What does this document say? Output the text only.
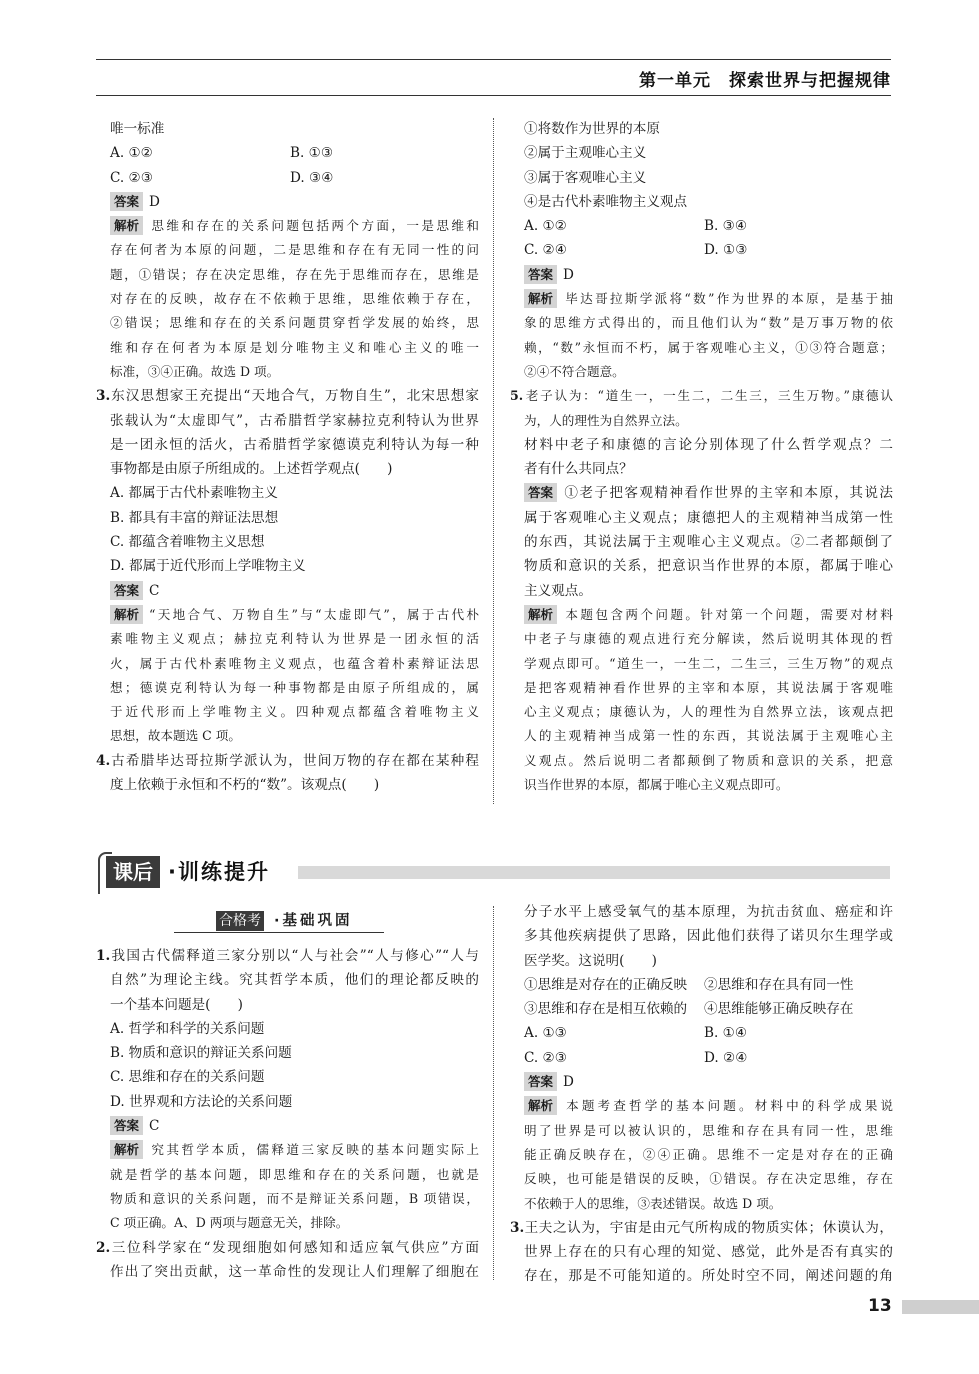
第一单元　探索世界与把握规律
唯一标准
A. ①②	B. ①③
C. ②③	D. ③④
答案 D
解析 思维和存在的关系问题包括两个方面，一是思维和
存在何者为本原的问题，二是思维和存在有无同一性的问
题，①错误；存在决定思维，存在先于思维而存在，思维是
对存在的反映，故存在不依赖于思维，思维依赖于存在，
②错误；思维和存在的关系问题贯穿哲学发展的始终，思
维和存在何者为本原是划分唯物主义和唯心主义的唯一
标准，③④正确。故选 D 项。
3.东汉思想家王充提出“天地合气，万物自生”，北宋思想家
张载认为“太虚即气”，古希腊哲学家赫拉克利特认为世界
是一团永恒的活火，古希腊哲学家德谟克利特认为每一种
事物都是由原子所组成的。上述哲学观点(　　)
A. 都属于古代朴素唯物主义
B. 都具有丰富的辩证法思想
C. 都蕴含着唯物主义思想
D. 都属于近代形而上学唯物主义
答案 C
解析 “天地合气、万物自生”与“太虚即气”，属于古代朴
素唯物主义观点；赫拉克利特认为世界是一团永恒的活
火，属于古代朴素唯物主义观点，也蕴含着朴素辩证法思
想；德谟克利特认为每一种事物都是由原子所组成的，属
于近代形而上学唯物主义。四种观点都蕴含着唯物主义
思想，故本题选 C 项。
4.古希腊毕达哥拉斯学派认为，世间万物的存在都在某种程
度上依赖于永恒和不朽的“数”。该观点(　　)
①将数作为世界的本原
②属于主观唯心主义
③属于客观唯心主义
④是古代朴素唯物主义观点
A. ①②	B. ③④
C. ②④	D. ①③
答案 D
解析 毕达哥拉斯学派将“数”作为世界的本原，是基于抽
象的思维方式得出的，而且他们认为“数”是万事万物的依
赖，“数”永恒而不朽，属于客观唯心主义，①③符合题意；
②④不符合题意。
5.老子认为：“道生一，一生二，二生三，三生万物。”康德认
为，人的理性为自然界立法。
材料中老子和康德的言论分别体现了什么哲学观点？二
者有什么共同点？
答案 ①老子把客观精神看作世界的主宰和本原，其说法
属于客观唯心主义观点；康德把人的主观精神当成第一性
的东西，其说法属于主观唯心主义观点。②二者都颠倒了
物质和意识的关系，把意识当作世界的本原，都属于唯心
主义观点。
解析 本题包含两个问题。针对第一个问题，需要对材料
中老子与康德的观点进行充分解读，然后说明其体现的哲
学观点即可。“道生一，一生二，二生三，三生万物”的观点
是把客观精神看作世界的主宰和本原，其说法属于客观唯
心主义观点；康德认为，人的理性为自然界立法，该观点把
人的主观精神当成第一性的东西，其说法属于主观唯心主
义观点。然后说明二者都颠倒了物质和意识的关系，把意
识当作世界的本原，都属于唯心主义观点即可。
课后 ·训练提升
合格考 ·基础巩固
1.我国古代儒释道三家分别以“人与社会”“人与修心”“人与
自然”为理论主线。究其哲学本质，他们的理论都反映的
一个基本问题是(　　)
A. 哲学和科学的关系问题
B. 物质和意识的辩证关系问题
C. 思维和存在的关系问题
D. 世界观和方法论的关系问题
答案 C
解析 究其哲学本质，儒释道三家反映的基本问题实际上
就是哲学的基本问题，即思维和存在的关系问题，也就是
物质和意识的关系问题，而不是辩证关系问题，B 项错误，
C 项正确。A、D 两项与题意无关，排除。
2.三位科学家在“发现细胞如何感知和适应氧气供应”方面
作出了突出贡献，这一革命性的发现让人们理解了细胞在
分子水平上感受氧气的基本原理，为抗击贫血、癌症和许
多其他疾病提供了思路，因此他们获得了诺贝尔生理学或
医学奖。这说明(　　)
①思维是对存在的正确反映	②思维和存在具有同一性
③思维和存在是相互依赖的	④思维能够正确反映存在
A. ①③	B. ①④
C. ②③	D. ②④
答案 D
解析 本题考查哲学的基本问题。材料中的科学成果说
明了世界是可以被认识的，思维和存在具有同一性，思维
能正确反映存在，②④正确。思维不一定是对存在的正确
反映，也可能是错误的反映，①错误。存在决定思维，存在
不依赖于人的思维，③表述错误。故选 D 项。
3.王夫之认为，宇宙是由元气所构成的物质实体；休谟认为，
世界上存在的只有心理的知觉、感觉，此外是否有真实的
存在，那是不可能知道的。所处时空不同，阐述问题的角
13
